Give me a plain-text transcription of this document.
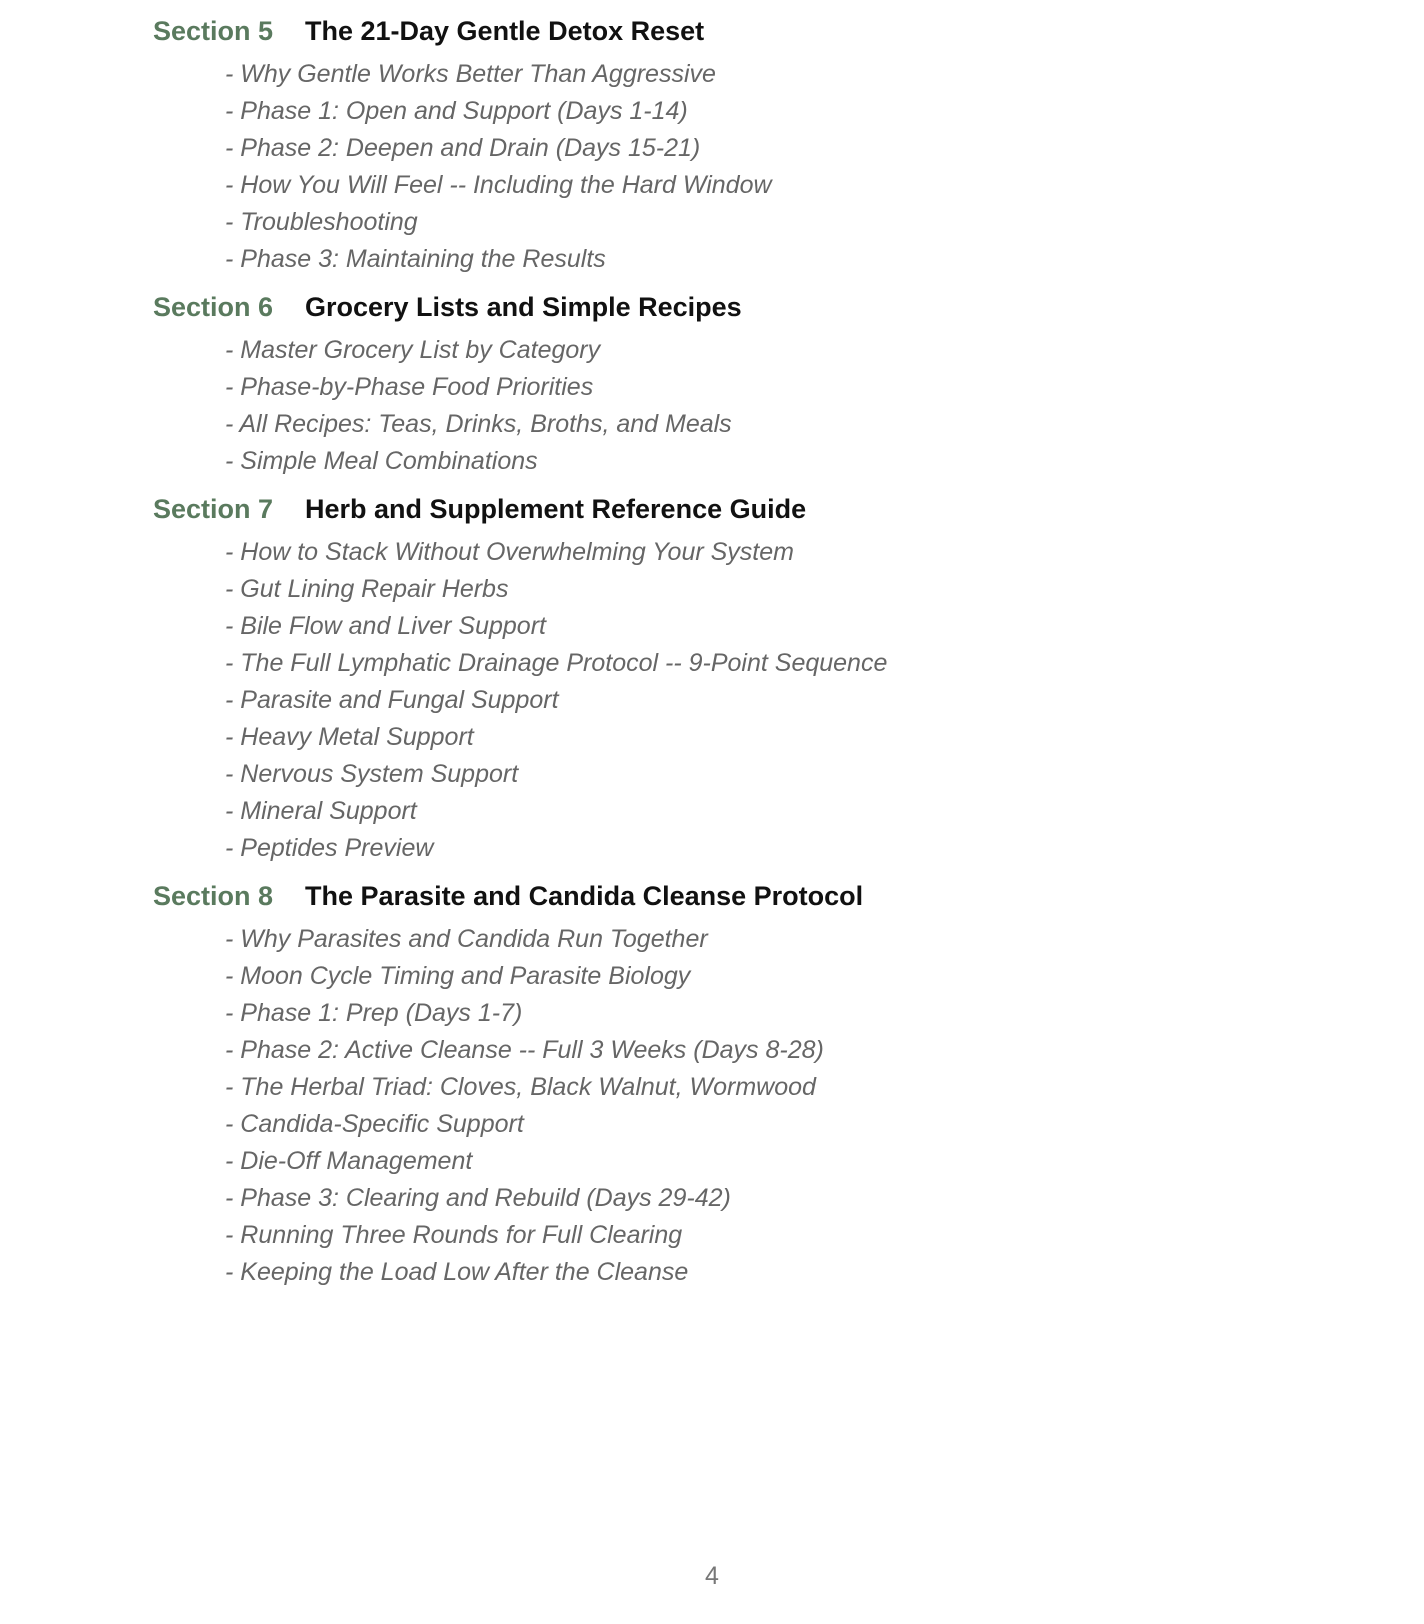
Section 5 The 21-Day Gentle Detox Reset
- Why Gentle Works Better Than Aggressive
- Phase 1: Open and Support (Days 1-14)
- Phase 2: Deepen and Drain (Days 15-21)
- How You Will Feel -- Including the Hard Window
- Troubleshooting
- Phase 3: Maintaining the Results
Section 6 Grocery Lists and Simple Recipes
- Master Grocery List by Category
- Phase-by-Phase Food Priorities
- All Recipes: Teas, Drinks, Broths, and Meals
- Simple Meal Combinations
Section 7 Herb and Supplement Reference Guide
- How to Stack Without Overwhelming Your System
- Gut Lining Repair Herbs
- Bile Flow and Liver Support
- The Full Lymphatic Drainage Protocol -- 9-Point Sequence
- Parasite and Fungal Support
- Heavy Metal Support
- Nervous System Support
- Mineral Support
- Peptides Preview
Section 8 The Parasite and Candida Cleanse Protocol
- Why Parasites and Candida Run Together
- Moon Cycle Timing and Parasite Biology
- Phase 1: Prep (Days 1-7)
- Phase 2: Active Cleanse -- Full 3 Weeks (Days 8-28)
- The Herbal Triad: Cloves, Black Walnut, Wormwood
- Candida-Specific Support
- Die-Off Management
- Phase 3: Clearing and Rebuild (Days 29-42)
- Running Three Rounds for Full Clearing
- Keeping the Load Low After the Cleanse
4
